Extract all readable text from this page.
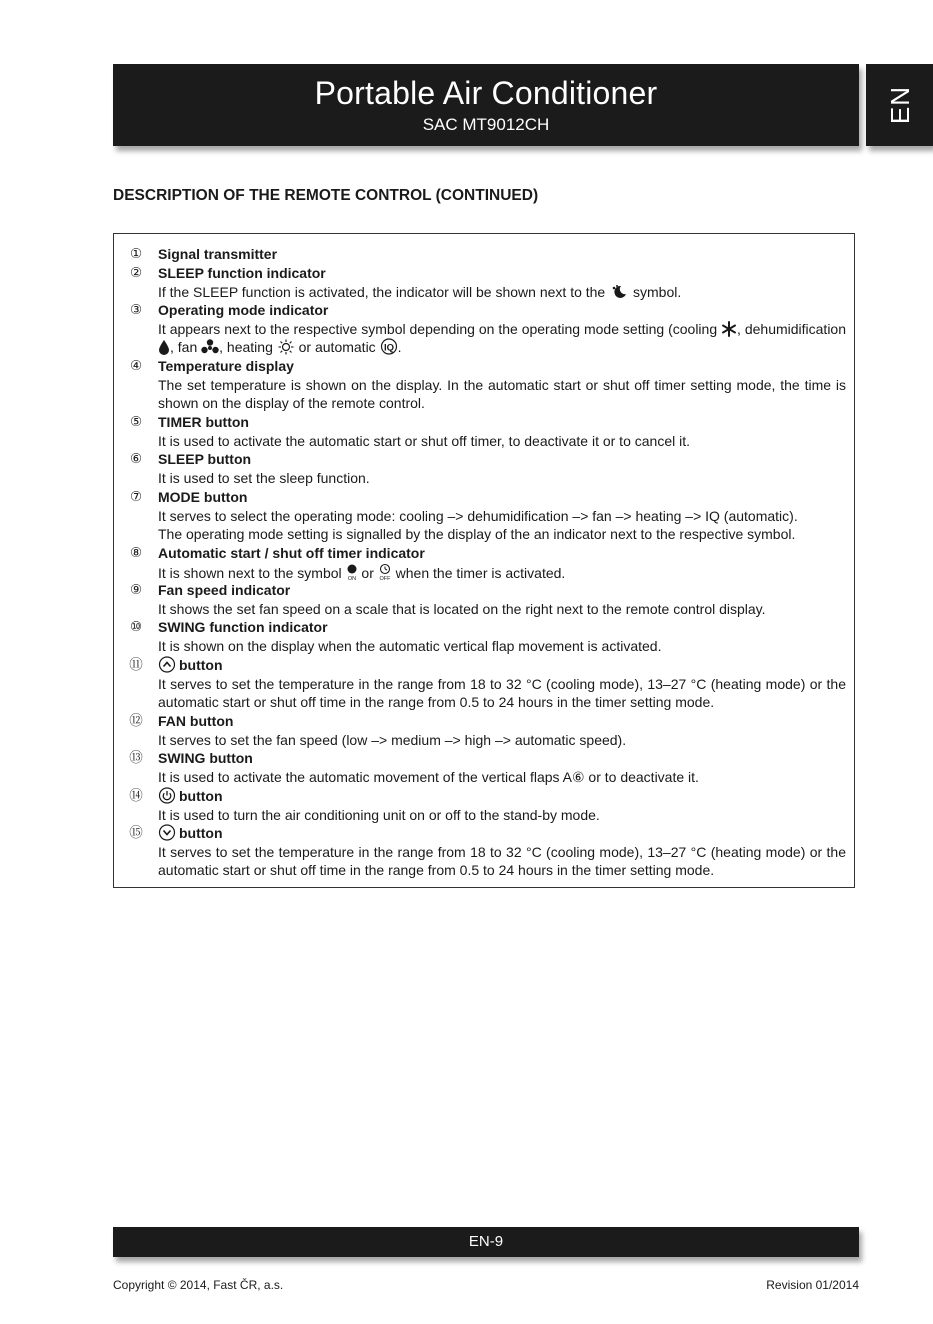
Portable Air Conditioner
SAC MT9012CH
EN
DESCRIPTION OF THE REMOTE CONTROL (CONTINUED)
① Signal transmitter
② SLEEP function indicator
If the SLEEP function is activated, the indicator will be shown next to the symbol.
③ Operating mode indicator
It appears next to the respective symbol depending on the operating mode setting (cooling , dehumidification , fan , heating or automatic IQ .
④ Temperature display
The set temperature is shown on the display. In the automatic start or shut off timer setting mode, the time is shown on the display of the remote control.
⑤ TIMER button
It is used to activate the automatic start or shut off timer, to deactivate it or to cancel it.
⑥ SLEEP button
It is used to set the sleep function.
⑦ MODE button
It serves to select the operating mode: cooling –> dehumidification –> fan –> heating –> IQ (automatic).
The operating mode setting is signalled by the display of the an indicator next to the respective symbol.
⑧ Automatic start / shut off timer indicator
It is shown next to the symbol ON or OFF when the timer is activated.
⑨ Fan speed indicator
It shows the set fan speed on a scale that is located on the right next to the remote control display.
⑩ SWING function indicator
It is shown on the display when the automatic vertical flap movement is activated.
⑪	button
It serves to set the temperature in the range from 18 to 32 °C (cooling mode), 13–27 °C (heating mode) or the automatic start or shut off time in the range from 0.5 to 24 hours in the timer setting mode.
⑫ FAN button
It serves to set the fan speed (low –> medium –> high –> automatic speed).
⑬ SWING button
It is used to activate the automatic movement of the vertical flaps A⑥ or to deactivate it.
⑭	button
It is used to turn the air conditioning unit on or off to the stand-by mode.
⑮	button
It serves to set the temperature in the range from 18 to 32 °C (cooling mode), 13–27 °C (heating mode) or the automatic start or shut off time in the range from 0.5 to 24 hours in the timer setting mode.
EN-9
Copyright © 2014, Fast ČR, a.s.	Revision 01/2014
